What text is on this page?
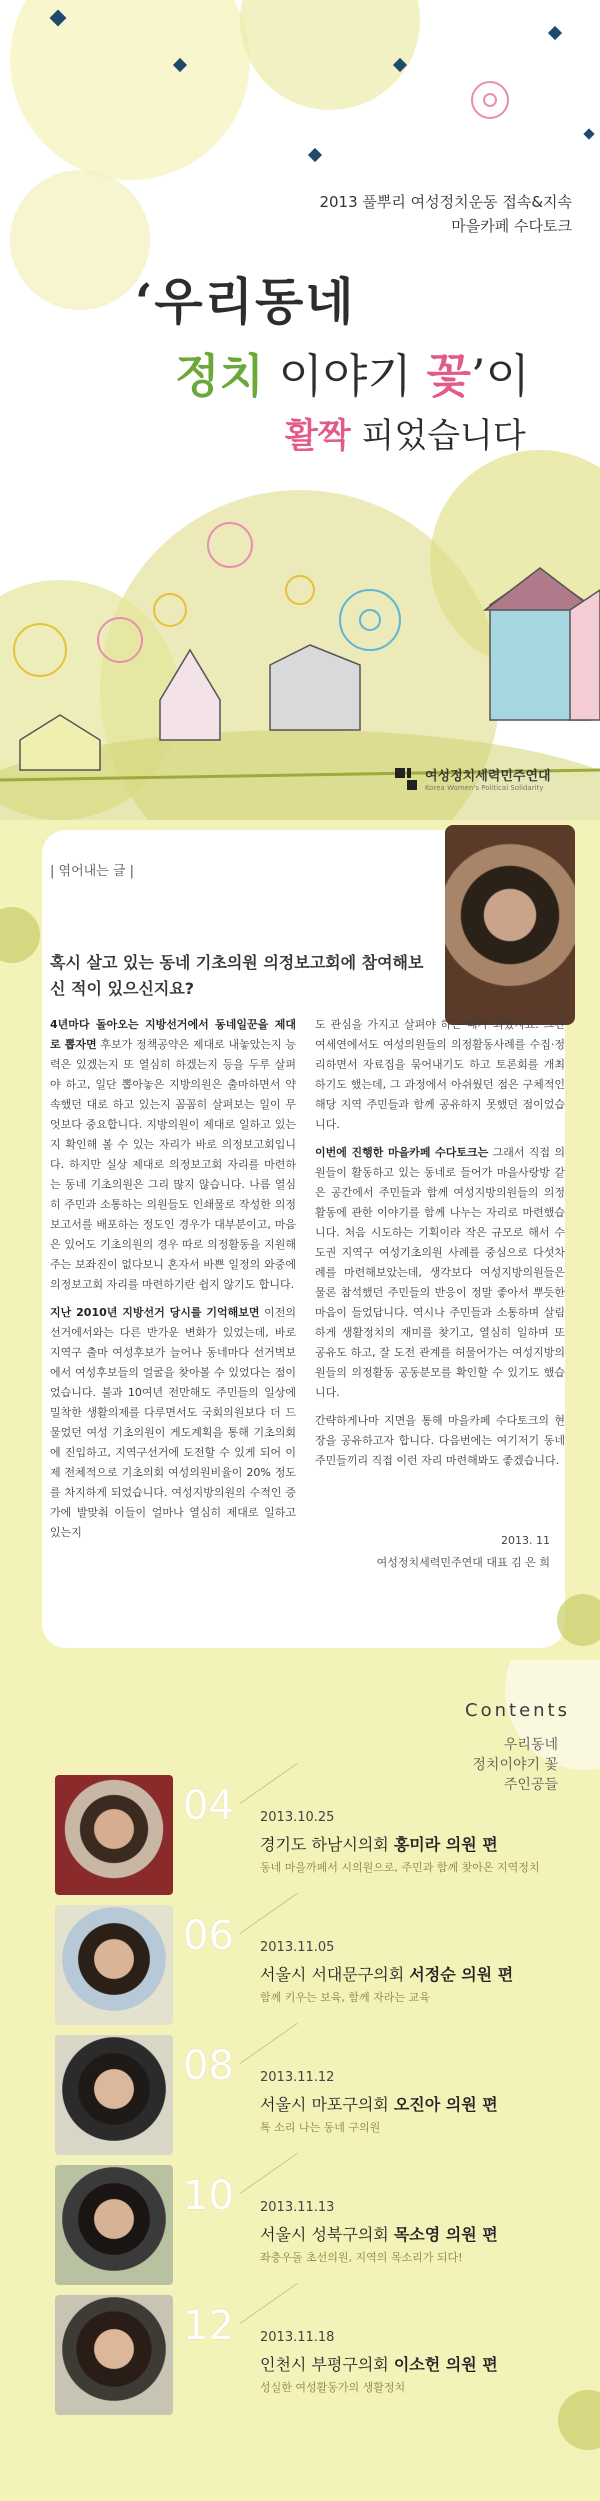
2013 풀뿌리 여성정치운동 접속&지속
마을카페 수다토크
‘우리동네
정치 이야기 꽃’이
활짝 피었습니다
여성정치세력민주연대
Korea Women's Political Solidarity
| 엮어내는 글 |
혹시 살고 있는 동네 기초의원 의정보고회에 참여해보신 적이 있으신지요?

4년마다 돌아오는 지방선거에서 동네일꾼을 제대로 뽑자면 후보가 정책공약은 제대로 내놓았는지 능력은 있겠는지 또 열심히 하겠는지 등을 두루 살펴야 하고, 일단 뽑아놓은 지방의원은 출마하면서 약속했던 대로 하고 있는지 꼼꼼히 살펴보는 일이 무엇보다 중요합니다. 지방의원이 제대로 일하고 있는지 확인해 볼 수 있는 자리가 바로 의정보고회입니다. 하지만 실상 제대로 의정보고회 자리를 마련하는 동네 기초의원은 그리 많지 않습니다. 나름 열심히 주민과 소통하는 의원들도 인쇄물로 작성한 의정보고서를 배포하는 정도인 경우가 대부분이고, 마음은 있어도 기초의원의 경우 따로 의정활동을 지원해주는 보좌진이 없다보니 혼자서 바쁜 일정의 와중에 의정보고회 자리를 마련하기란 쉽지 않기도 합니다.

지난 2010년 지방선거 당시를 기억해보면 이전의 선거에서와는 다른 반가운 변화가 있었는데, 바로 지역구 출마 여성후보가 늘어나 동네마다 선거벽보에서 여성후보들의 얼굴을 찾아볼 수 있었다는 점이었습니다. 불과 10여년 전만해도 주민들의 일상에 밀착한 생활의제를 다루면서도 국회의원보다 더 드물었던 여성 기초의원이 게도계획을 통해 기초의회에 진입하고, 지역구선거에 도전할 수 있게 되어 이제 전체적으로 기초의회 여성의원비율이 20% 정도를 차지하게 되었습니다. 여성지방의원의 수적인 증가에 발맞춰 이들이 얼마나 열심히 제대로 일하고 있는지

도 관심을 가지고 살펴야 하는 때가 되었지요. 그간 여세연에서도 여성의원들의 의정활동사례를 수집·정리하면서 자료집을 묶어내기도 하고 토론회를 개최하기도 했는데, 그 과정에서 아쉬웠던 점은 구체적인 해당 지역 주민들과 함께 공유하지 못했던 점이었습니다.

이번에 진행한 마을카페 수다토크는 그래서 직접 의원들이 활동하고 있는 동네로 들어가 마을사랑방 같은 공간에서 주민들과 함께 여성지방의원들의 의정활동에 관한 이야기를 함께 나누는 자리로 마련했습니다. 처음 시도하는 기획이라 작은 규모로 해서 수도권 지역구 여성기초의원 사례를 중심으로 다섯차례를 마련해보았는데, 생각보다 여성지방의원들은 물론 참석했던 주민들의 반응이 정말 좋아서 뿌듯한 마음이 들었답니다. 역시나 주민들과 소통하며 살림하게 생활정치의 재미를 찾기고, 열심히 일하며 또 공유도 하고, 잘 도전 관계를 허물어가는 여성지방의원들의 의정활동 공동분모를 확인할 수 있기도 했습니다.

간략하게나마 지면을 통해 마을카페 수다토크의 현장을 공유하고자 합니다. 다음번에는 여기저기 동네 주민들끼리 직접 이런 자리 마련해봐도 좋겠습니다.

2013. 11
여성정치세력민주연대 대표 김 은 희
Contents
우리동네
정치이야기 꽃
주인공들
04 2013.10.25
경기도 하남시의회 홍미라 의원 편
동네 마을까페서 시의원으로, 주민과 함께 찾아온 지역정치
06 2013.11.05
서울시 서대문구의회 서정순 의원 편
함께 키우는 보육, 함께 자라는 교육
08 2013.11.12
서울시 마포구의회 오진아 의원 편
톡 소리 나는 동네 구의원
10 2013.11.13
서울시 성북구의회 목소영 의원 편
좌충우돌 초선의원, 지역의 목소리가 되다!
12 2013.11.18
인천시 부평구의회 이소헌 의원 편
성실한 여성활동가의 생활정치
